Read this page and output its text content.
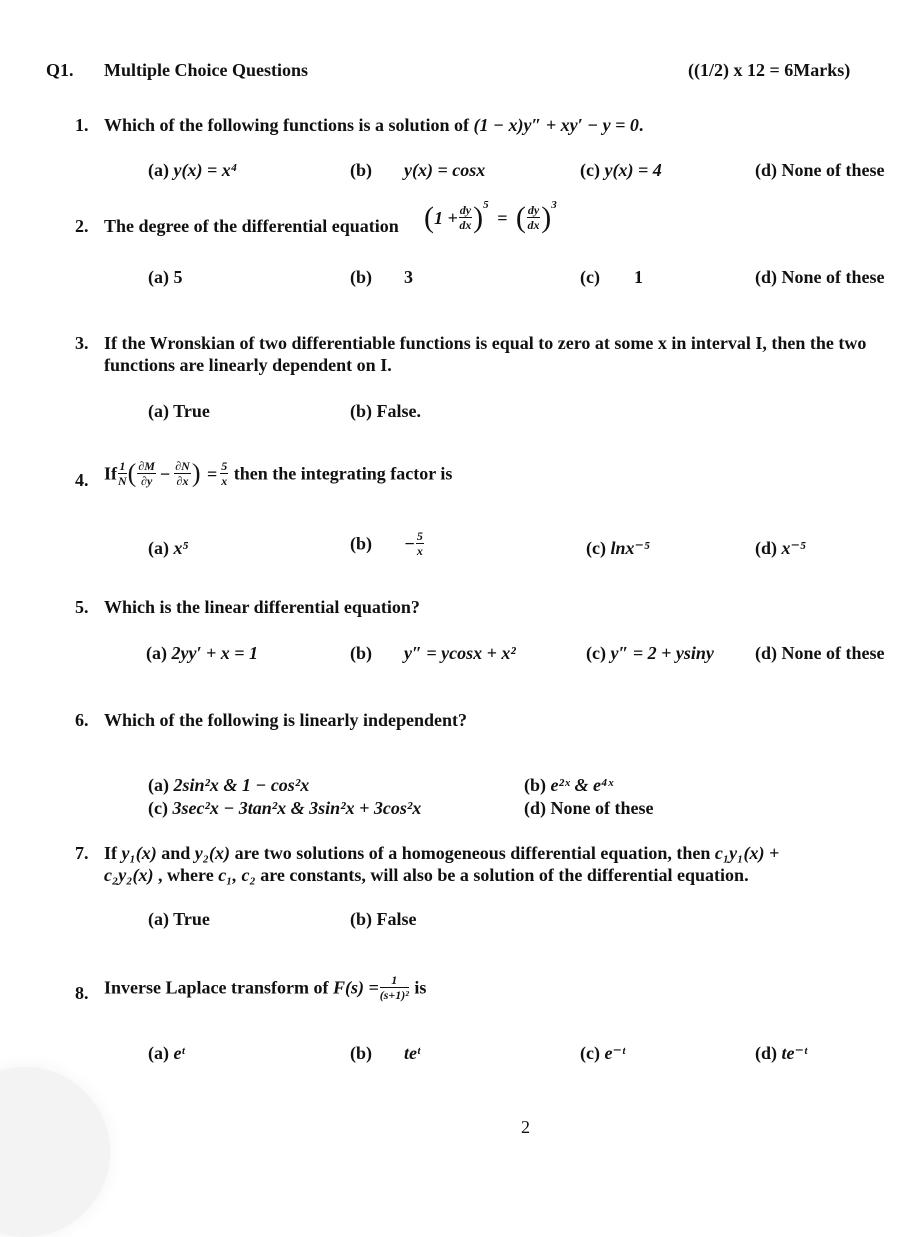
Q1. Multiple Choice Questions	((1/2) x 12 = 6Marks)
1. Which of the following functions is a solution of (1 − x)y″ + xy′ − y = 0.
(a) y(x) = x⁴	(b) y(x) = cosx	(c) y(x) = 4	(d) None of these
2. The degree of the differential equation $(1 + \frac{dy}{dx} )^5$ = ( $\frac{dy}{dx} )^3$
(a) 5	(b) 3	(c) 1	(d) None of these
3. If the Wronskian of two differentiable functions is equal to zero at some x in interval I, then the two
functions are linearly dependent on I.
(a) True	(b) False.
4. If $\frac{1}{N}$ ( $\frac{\partial M}{\partial y} - \frac{\partial N}{\partial x}$ ) = $\frac{5}{x}$ then the integrating factor is
(a) x⁵	$(b) - \frac{5}{x}$	(c) lnx⁻⁵	(d) x⁻⁵
5. Which is the linear differential equation?
(a) 2yy′ + x = 1	(b) y″ = ycosx + x²	(c) y″ = 2 + ysiny (d) None of these
6. Which of the following is linearly independent?
(a) 2sin²x & 1 − cos²x	(b) e²ˣ & e⁴ˣ
(c) 3sec²x − 3tan²x & 3sin²x + 3cos²x	(d) None of these
7. If y₁(x) and y₂(x) are two solutions of a homogeneous differential equation, then c₁y₁(x) +
c₂y₂(x) , where c₁, c₂ are constants, will also be a solution of the differential equation.
(a) True	(b) False
8. Inverse Laplace transform of $F(s) = \frac{1}{\text{(s+1)²}}$ is
(a) eᵗ	(b) teᵗ	(c) e⁻ᵗ	(d) te⁻ᵗ
2
